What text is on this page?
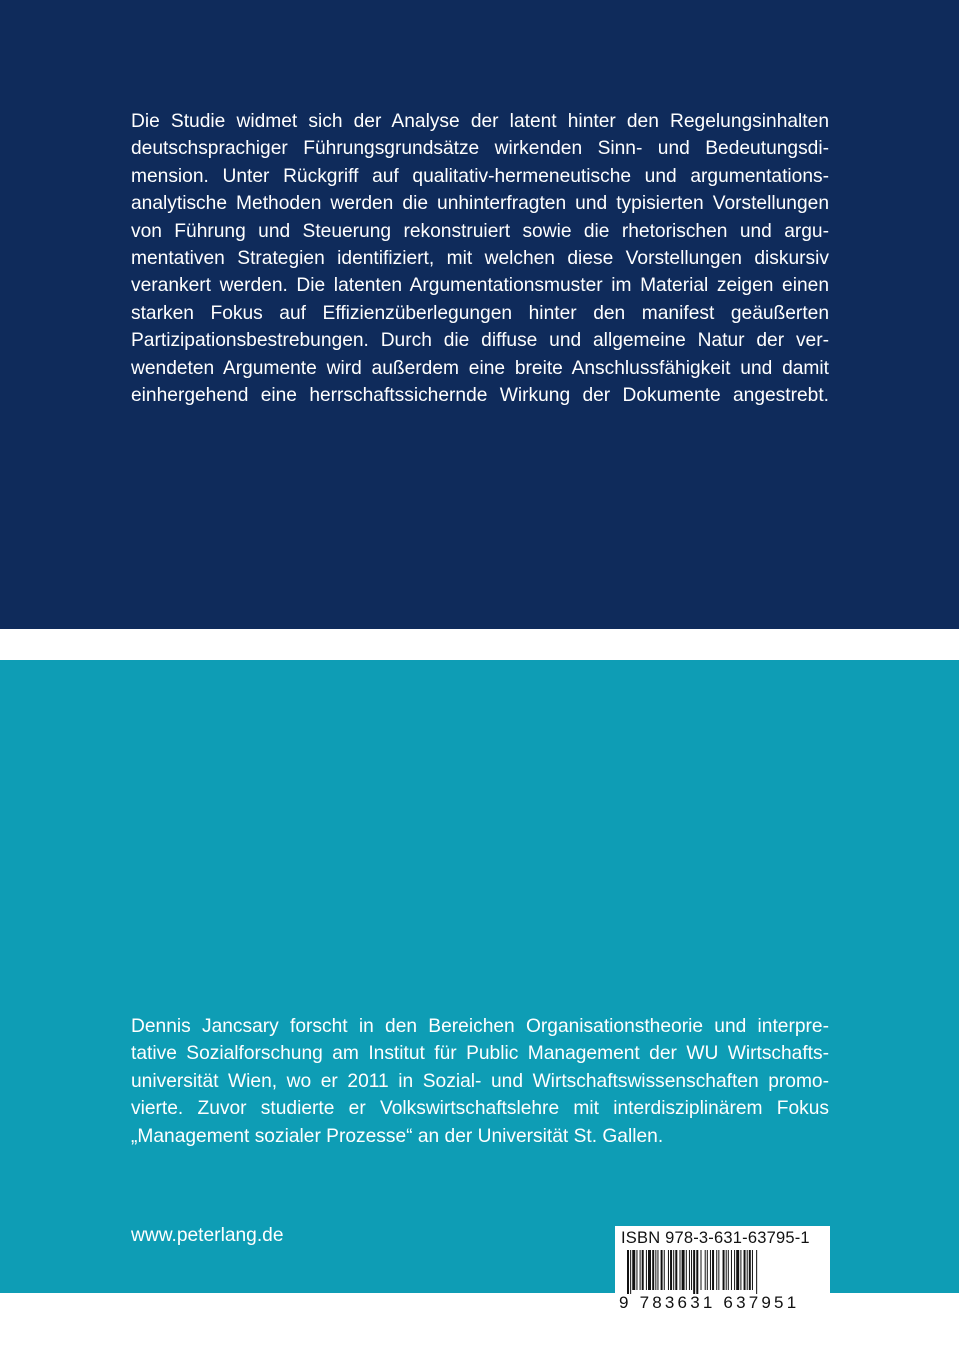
Die Studie widmet sich der Analyse der latent hinter den Regelungsinhalten
deutschsprachiger Führungsgrundsätze wirkenden Sinn- und Bedeutungsdi-
mension. Unter Rückgriff auf qualitativ-hermeneutische und argumentations-
analytische Methoden werden die unhinterfragten und typisierten Vorstellungen
von Führung und Steuerung rekonstruiert sowie die rhetorischen und argu-
mentativen Strategien identifiziert, mit welchen diese Vorstellungen diskursiv
verankert werden. Die latenten Argumentationsmuster im Material zeigen einen
starken Fokus auf Effizienzüberlegungen hinter den manifest geäußerten
Partizipationsbestrebungen. Durch die diffuse und allgemeine Natur der ver-
wendeten Argumente wird außerdem eine breite Anschlussfähigkeit und damit
einhergehend eine herrschaftssichernde Wirkung der Dokumente angestrebt.
Dennis Jancsary forscht in den Bereichen Organisationstheorie und interpre-
tative Sozialforschung am Institut für Public Management der WU Wirtschafts-
universität Wien, wo er 2011 in Sozial- und Wirtschaftswissenschaften promo-
vierte. Zuvor studierte er Volkswirtschaftslehre mit interdisziplinärem Fokus
„Management sozialer Prozesse“ an der Universität St. Gallen.
www.peterlang.de	ISBN 978-3-631-63795-1
9 783631 637951
